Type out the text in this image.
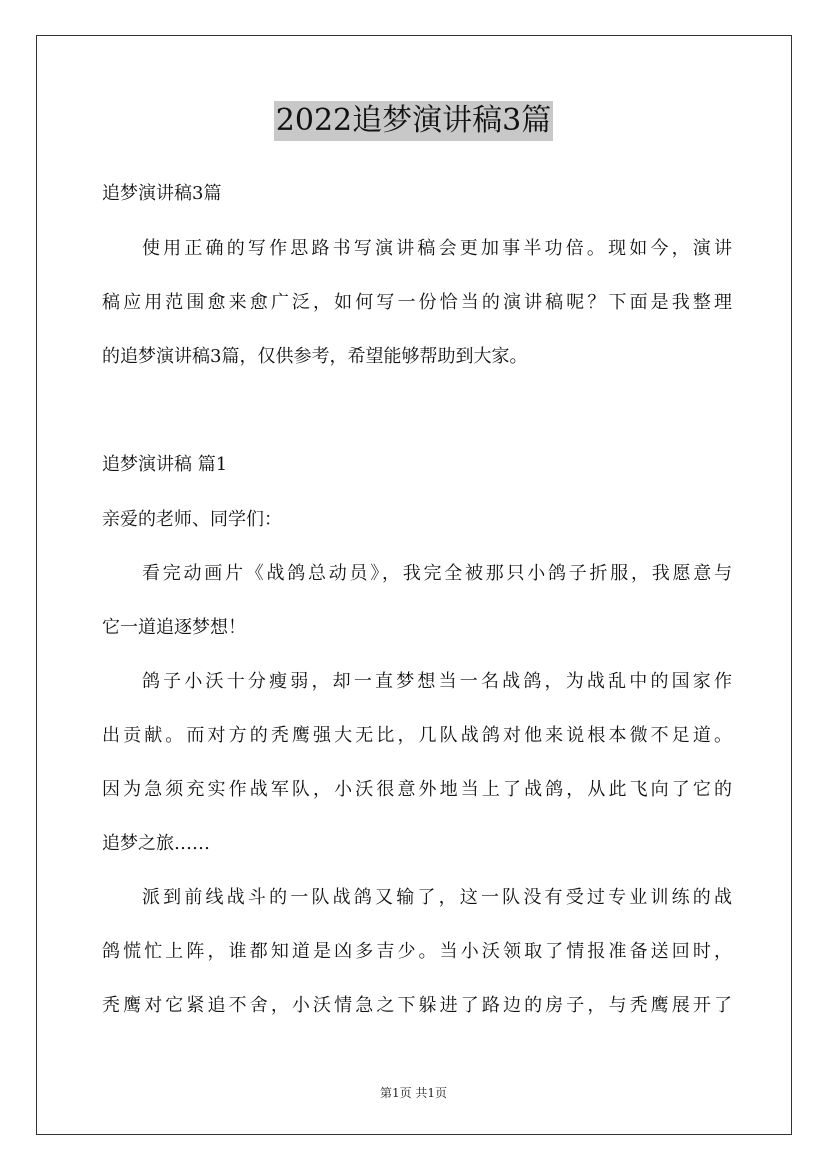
2022追梦演讲稿3篇
追梦演讲稿3篇
使用正确的写作思路书写演讲稿会更加事半功倍。现如今，演讲
稿应用范围愈来愈广泛，如何写一份恰当的演讲稿呢？下面是我整理
的追梦演讲稿3篇，仅供参考，希望能够帮助到大家。
追梦演讲稿 篇1
亲爱的老师、同学们：
看完动画片《战鸽总动员》，我完全被那只小鸽子折服，我愿意与
它一道追逐梦想！
鸽子小沃十分瘦弱，却一直梦想当一名战鸽，为战乱中的国家作
出贡献。而对方的秃鹰强大无比，几队战鸽对他来说根本微不足道。
因为急须充实作战军队，小沃很意外地当上了战鸽，从此飞向了它的
追梦之旅……
派到前线战斗的一队战鸽又输了，这一队没有受过专业训练的战
鸽慌忙上阵，谁都知道是凶多吉少。当小沃领取了情报准备送回时，
秃鹰对它紧追不舍，小沃情急之下躲进了路边的房子，与秃鹰展开了
第1页 共1页
